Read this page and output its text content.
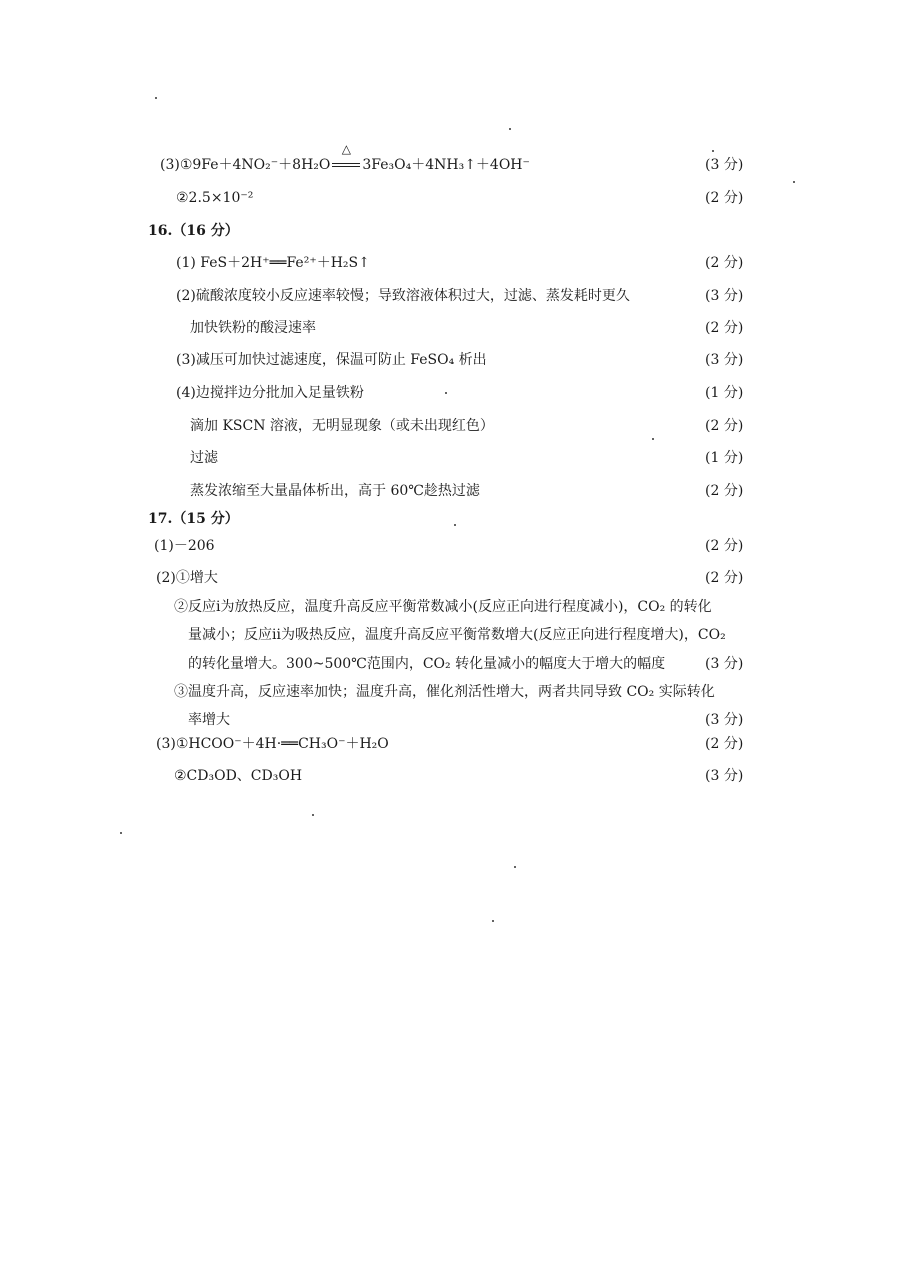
(3)①9Fe＋4NO₂⁻＋8H₂O
△
3Fe₃O₄＋4NH₃↑＋4OH⁻	(3 分)
②2.5×10⁻²	(2 分)
16.（16 分）
(1) FeS＋2H⁺══Fe²⁺＋H₂S↑	(2 分)
(2)硫酸浓度较小反应速率较慢；导致溶液体积过大，过滤、蒸发耗时更久	(3 分)
加快铁粉的酸浸速率	(2 分)
(3)减压可加快过滤速度，保温可防止 FeSO₄ 析出	(3 分)
(4)边搅拌边分批加入足量铁粉	(1 分)
滴加 KSCN 溶液，无明显现象（或未出现红色）	(2 分)
过滤	(1 分)
蒸发浓缩至大量晶体析出，高于 60℃趁热过滤	(2 分)
17.（15 分）
(1)－206	(2 分)
(2)①增大	(2 分)
②反应ⅰ为放热反应，温度升高反应平衡常数减小(反应正向进行程度减小)，CO₂ 的转化
量减小；反应ⅱ为吸热反应，温度升高反应平衡常数增大(反应正向进行程度增大)，CO₂
的转化量增大。300~500℃范围内，CO₂ 转化量减小的幅度大于增大的幅度	(3 分)
③温度升高，反应速率加快；温度升高，催化剂活性增大，两者共同导致 CO₂ 实际转化
率增大	(3 分)
(3)①HCOO⁻＋4H·══CH₃O⁻＋H₂O	(2 分)
②CD₃OD、CD₃OH	(3 分)
